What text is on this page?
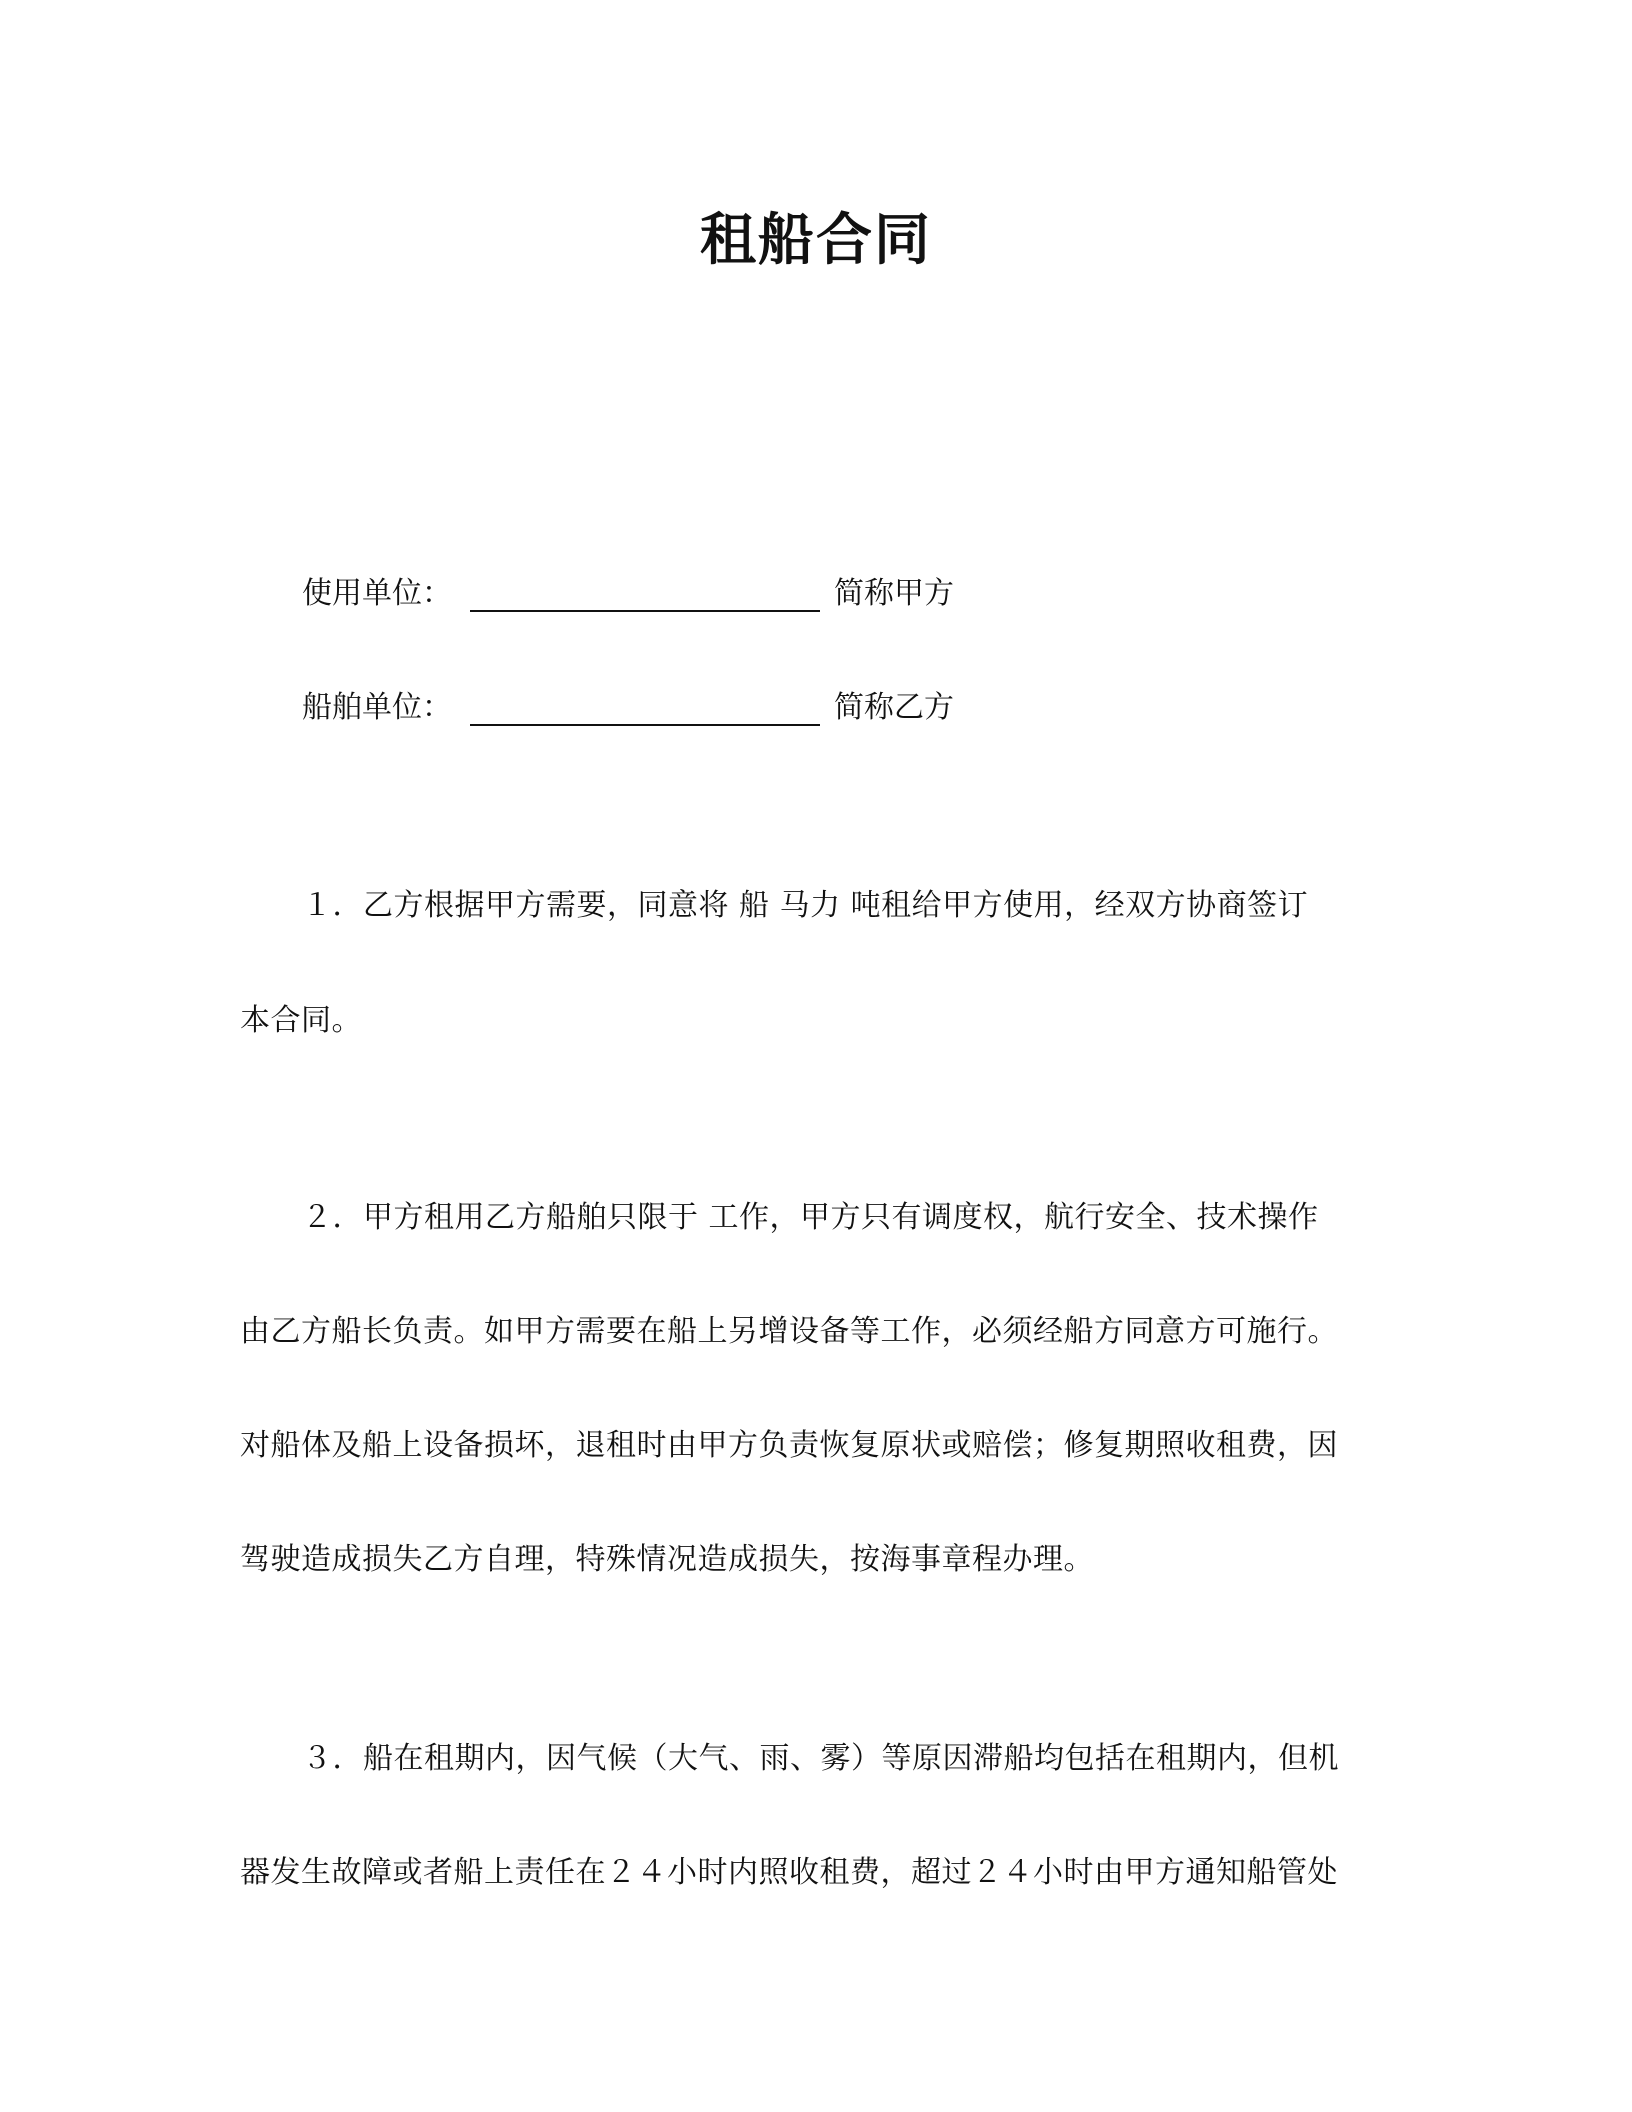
租船合同
使用单位：	简称甲方
船舶单位：	简称乙方
１．乙方根据甲方需要，同意将 船 马力 吨租给甲方使用，经双方协商签订
本合同。
２．甲方租用乙方船舶只限于 工作，甲方只有调度权，航行安全、技术操作
由乙方船长负责。如甲方需要在船上另增设备等工作，必须经船方同意方可施行。
对船体及船上设备损坏，退租时由甲方负责恢复原状或赔偿；修复期照收租费，因
驾驶造成损失乙方自理，特殊情况造成损失，按海事章程办理。
３．船在租期内，因气候（大气、雨、雾）等原因滞船均包括在租期内，但机
器发生故障或者船上责任在２４小时内照收租费，超过２４小时由甲方通知船管处
